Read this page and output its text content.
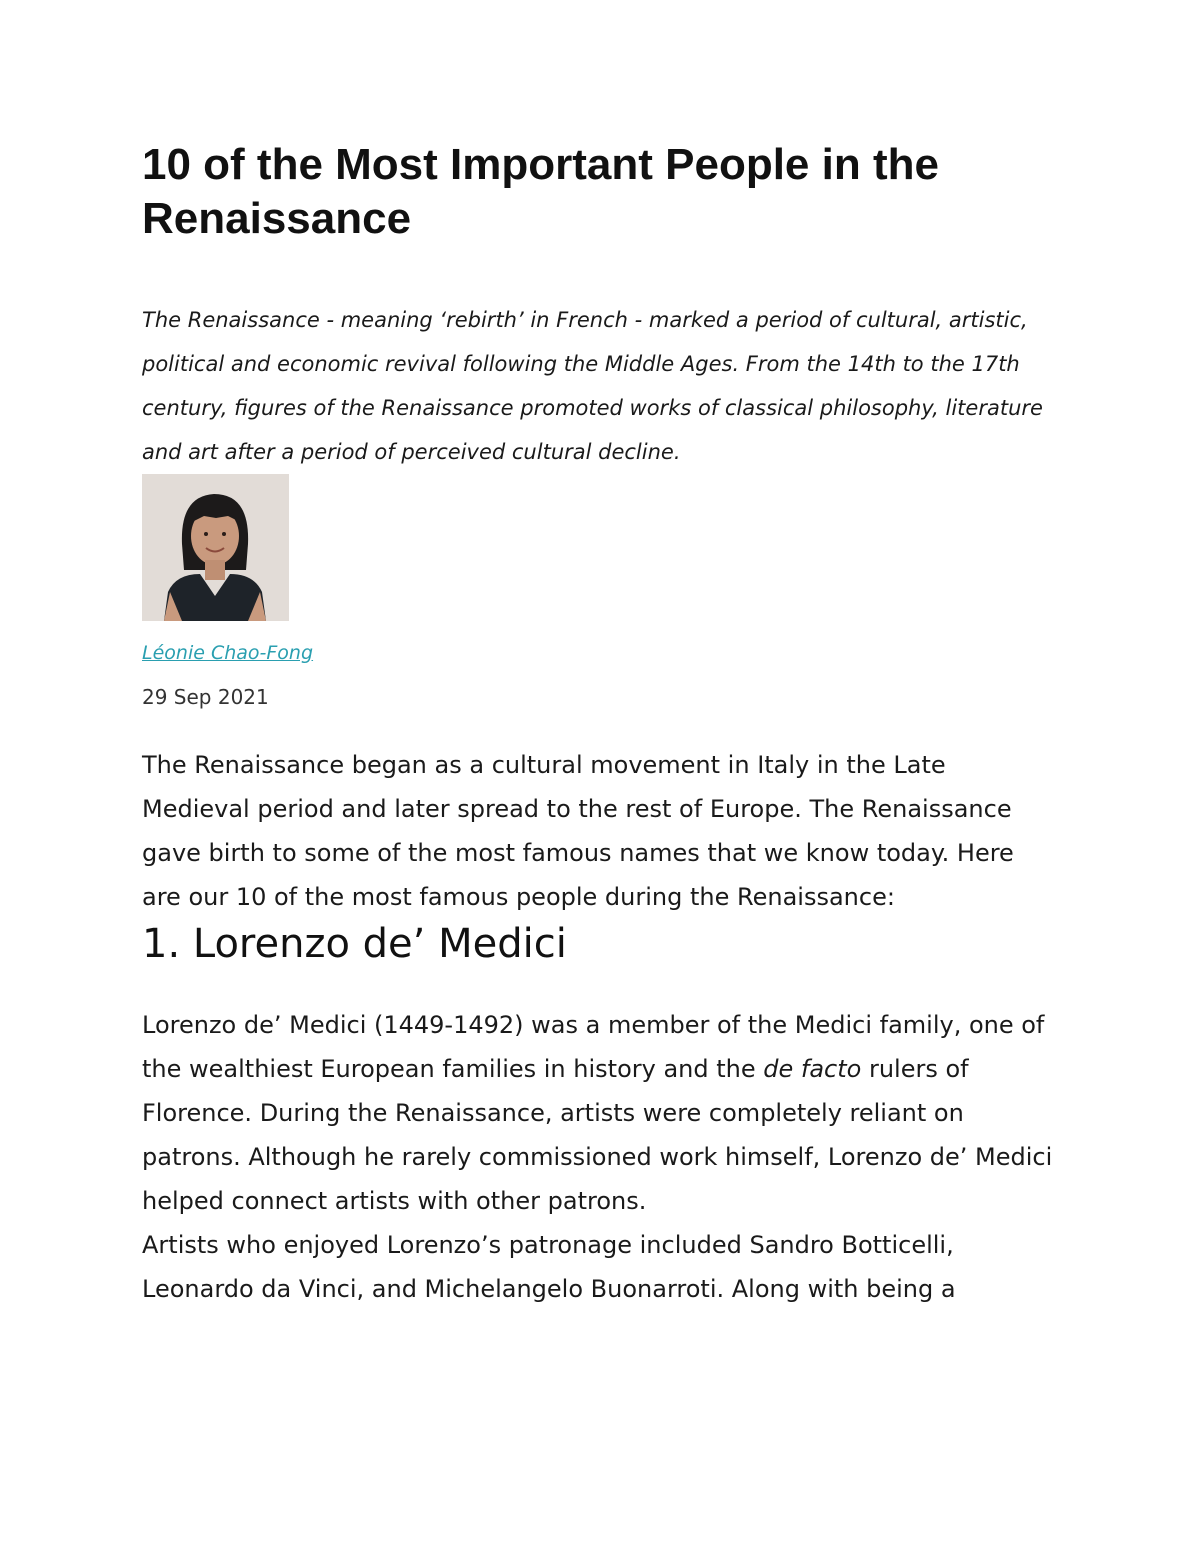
10 of the Most Important People in the Renaissance

The Renaissance - meaning ‘rebirth’ in French - marked a period of cultural, artistic, political and economic revival following the Middle Ages. From the 14th to the 17th century, figures of the Renaissance promoted works of classical philosophy, literature and art after a period of perceived cultural decline.

Léonie Chao-Fong
29 Sep 2021

The Renaissance began as a cultural movement in Italy in the Late Medieval period and later spread to the rest of Europe. The Renaissance gave birth to some of the most famous names that we know today. Here are our 10 of the most famous people during the Renaissance:

1. Lorenzo de’ Medici

Lorenzo de’ Medici (1449-1492) was a member of the Medici family, one of the wealthiest European families in history and the de facto rulers of Florence. During the Renaissance, artists were completely reliant on patrons. Although he rarely commissioned work himself, Lorenzo de’ Medici helped connect artists with other patrons.

Artists who enjoyed Lorenzo’s patronage included Sandro Botticelli, Leonardo da Vinci, and Michelangelo Buonarroti. Along with being a
